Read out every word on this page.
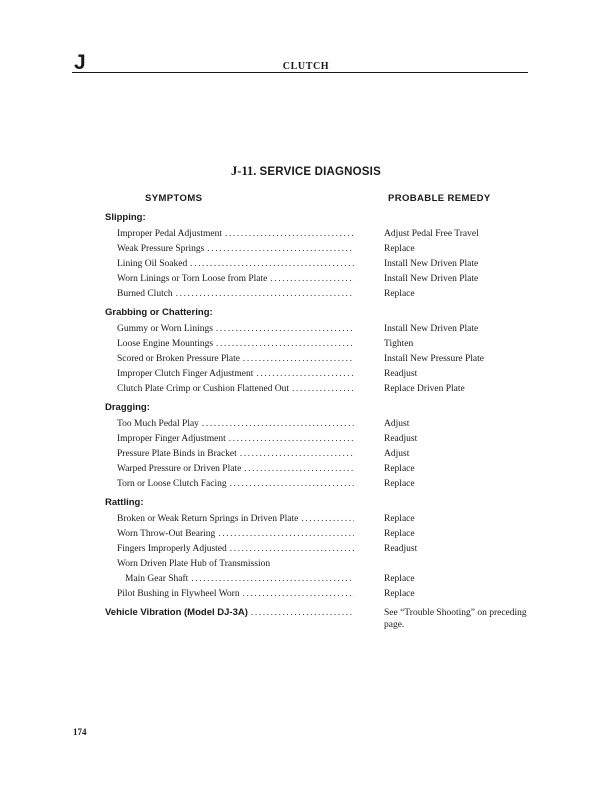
J	CLUTCH
J-11. SERVICE DIAGNOSIS
SYMPTOMS	PROBABLE REMEDY
Slipping:
Improper Pedal Adjustment . . .	Adjust Pedal Free Travel
Weak Pressure Springs . . .	Replace
Lining Oil Soaked . . .	Install New Driven Plate
Worn Linings or Torn Loose from Plate . . .	Install New Driven Plate
Burned Clutch . . .	Replace
Grabbing or Chattering:
Gummy or Worn Linings . . .	Install New Driven Plate
Loose Engine Mountings . . .	Tighten
Scored or Broken Pressure Plate . . .	Install New Pressure Plate
Improper Clutch Finger Adjustment . . .	Readjust
Clutch Plate Crimp or Cushion Flattened Out . . .	Replace Driven Plate
Dragging:
Too Much Pedal Play . . .	Adjust
Improper Finger Adjustment . . .	Readjust
Pressure Plate Binds in Bracket . . .	Adjust
Warped Pressure or Driven Plate . . .	Replace
Torn or Loose Clutch Facing . . .	Replace
Rattling:
Broken or Weak Return Springs in Driven Plate . . .	Replace
Worn Throw-Out Bearing . . .	Replace
Fingers Improperly Adjusted . . .	Readjust
Worn Driven Plate Hub of Transmission
Main Gear Shaft . . .	Replace
Pilot Bushing in Flywheel Worn . . .	Replace
Vehicle Vibration (Model DJ-3A) . . .	See “Trouble Shooting” on preceding page.
174
